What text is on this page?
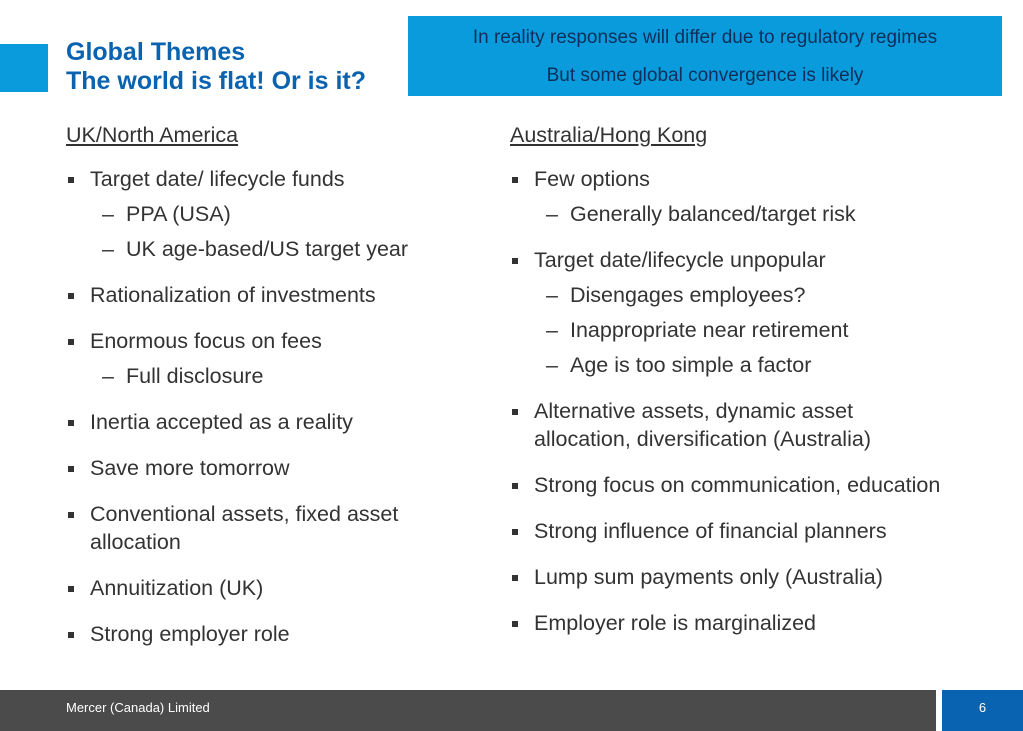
Global Themes
The world is flat! Or is it?
In reality responses will differ due to regulatory regimes
But some global convergence is likely
UK/North America
Target date/ lifecycle funds
– PPA (USA)
– UK age-based/US target year
Rationalization of investments
Enormous focus on fees
– Full disclosure
Inertia accepted as a reality
Save more tomorrow
Conventional assets, fixed asset allocation
Annuitization (UK)
Strong employer role
Australia/Hong Kong
Few options
– Generally balanced/target risk
Target date/lifecycle unpopular
– Disengages employees?
– Inappropriate near retirement
– Age is too simple a factor
Alternative assets, dynamic asset allocation, diversification (Australia)
Strong focus on communication, education
Strong influence of financial planners
Lump sum payments only (Australia)
Employer role is marginalized
Mercer (Canada) Limited	6
